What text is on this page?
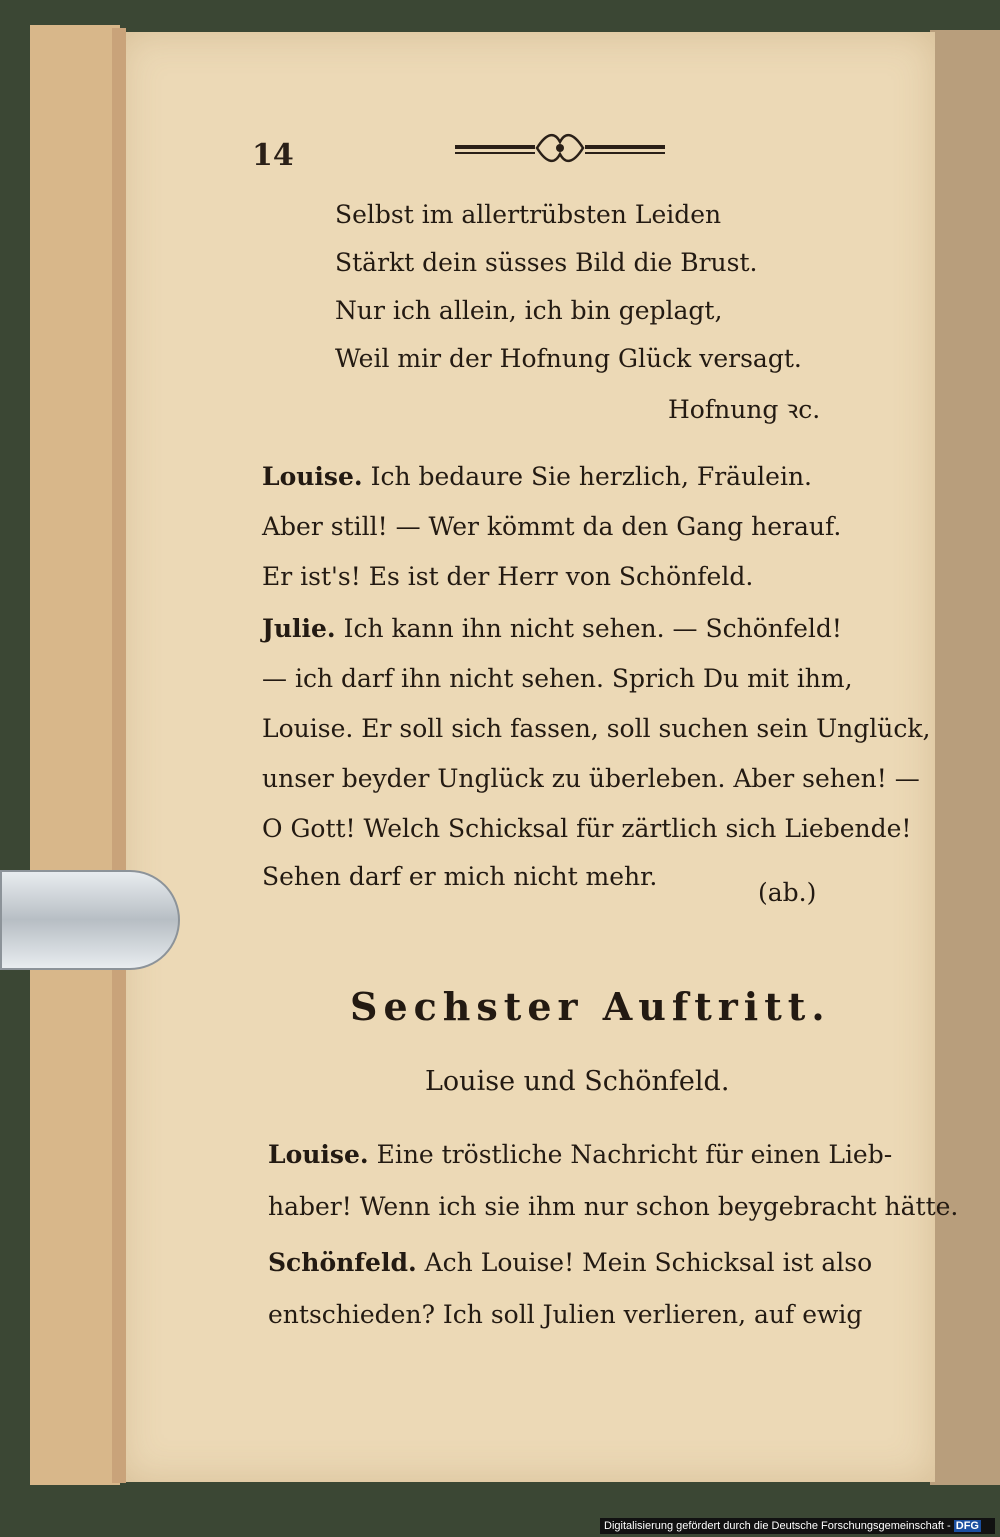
14
Selbst im allertrübsten Leiden
Stärkt dein süsses Bild die Brust.
Nur ich allein, ich bin geplagt,
Weil mir der Hofnung Glück versagt.
Hofnung ꝛc.
Louise. Ich bedaure Sie herzlich, Fräulein.
Aber still! — Wer kömmt da den Gang herauf.
Er ist's! Es ist der Herr von Schönfeld.
Julie. Ich kann ihn nicht sehen. — Schönfeld!
— ich darf ihn nicht sehen. Sprich Du mit ihm,
Louise. Er soll sich fassen, soll suchen sein Unglück,
unser beyder Unglück zu überleben. Aber sehen! —
O Gott! Welch Schicksal für zärtlich sich Liebende!
Sehen darf er mich nicht mehr.
(ab.)
Sechster Auftritt.
Louise und Schönfeld.
Louise. Eine tröstliche Nachricht für einen Lieb-
haber! Wenn ich sie ihm nur schon beygebracht hätte.
Schönfeld. Ach Louise! Mein Schicksal ist also
entschieden? Ich soll Julien verlieren, auf ewig
Digitalisierung gefördert durch die Deutsche Forschungsgemeinschaft - DFG
